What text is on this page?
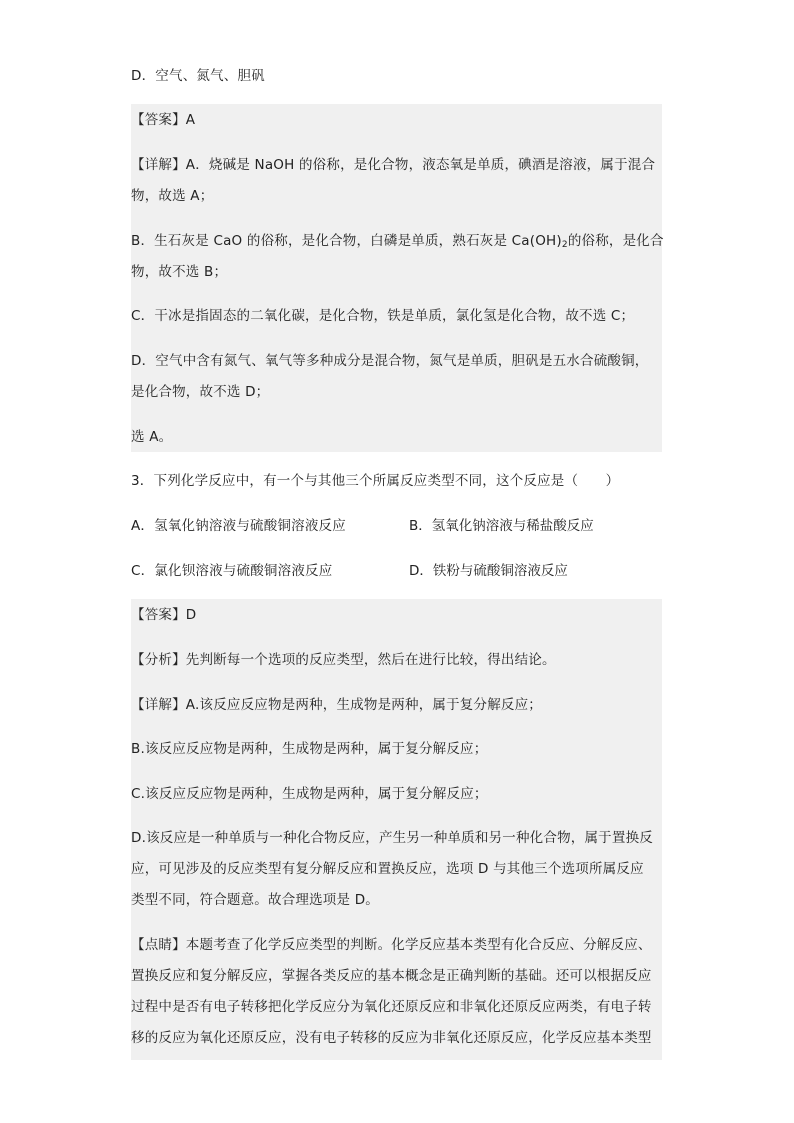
D．空气、氮气、胆矾
【答案】A
【详解】A．烧碱是 NaOH 的俗称，是化合物，液态氧是单质，碘酒是溶液，属于混合
物，故选 A；
B．生石灰是 CaO 的俗称，是化合物，白磷是单质，熟石灰是 $Ca(OH)_2$的俗称，是化合
物，故不选 B；
C．干冰是指固态的二氧化碳，是化合物，铁是单质，氯化氢是化合物，故不选 C；
D．空气中含有氮气、氧气等多种成分是混合物，氮气是单质，胆矾是五水合硫酸铜，
是化合物，故不选 D；
选 A。
3．下列化学反应中，有一个与其他三个所属反应类型不同，这个反应是（　　）
A．氢氧化钠溶液与硫酸铜溶液反应	B．氢氧化钠溶液与稀盐酸反应
C．氯化钡溶液与硫酸铜溶液反应	D．铁粉与硫酸铜溶液反应
【答案】D
【分析】先判断每一个选项的反应类型，然后在进行比较，得出结论。
【详解】A.该反应反应物是两种，生成物是两种，属于复分解反应；
B.该反应反应物是两种，生成物是两种，属于复分解反应；
C.该反应反应物是两种，生成物是两种，属于复分解反应；
D.该反应是一种单质与一种化合物反应，产生另一种单质和另一种化合物，属于置换反
应，可见涉及的反应类型有复分解反应和置换反应，选项 D 与其他三个选项所属反应
类型不同，符合题意。故合理选项是 D。
【点睛】本题考查了化学反应类型的判断。化学反应基本类型有化合反应、分解反应、
置换反应和复分解反应，掌握各类反应的基本概念是正确判断的基础。还可以根据反应
过程中是否有电子转移把化学反应分为氧化还原反应和非氧化还原反应两类，有电子转
移的反应为氧化还原反应，没有电子转移的反应为非氧化还原反应，化学反应基本类型
